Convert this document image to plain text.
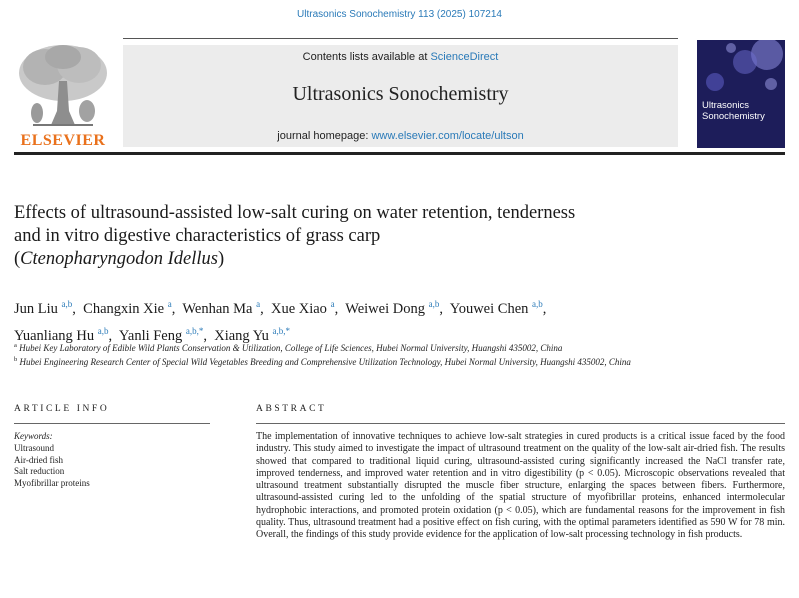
Ultrasonics Sonochemistry 113 (2025) 107214
ELSEVIER
Contents lists available at ScienceDirect
Ultrasonics Sonochemistry
journal homepage: www.elsevier.com/locate/ultson
Ultrasonics
Sonochemistry
Effects of ultrasound-assisted low-salt curing on water retention, tenderness
and in vitro digestive characteristics of grass carp
(Ctenopharyngodon Idellus)
Jun Liu $^{a,b}$,  Changxin Xie $^a$,  Wenhan Ma $^a$,  Xue Xiao $^a$,  Weiwei Dong $^{a,b}$,  Youwei Chen $^{a,b}$,
Yuanliang Hu $^{a,b}$,  Yanli Feng $^{a,b,*}$,  Xiang Yu $^{a,b,*}$
$^a$ Hubei Key Laboratory of Edible Wild Plants Conservation & Utilization, College of Life Sciences, Hubei Normal University, Huangshi 435002, China
$^b$ Hubei Engineering Research Center of Special Wild Vegetables Breeding and Comprehensive Utilization Technology, Hubei Normal University, Huangshi 435002, China
ARTICLE INFO	ABSTRACT
Keywords:
Ultrasound
Air-dried fish
Salt reduction
Myofibrillar proteins
The implementation of innovative techniques to achieve low-salt strategies in cured products is a critical issue faced by the food industry. This study aimed to investigate the impact of ultrasound treatment on the quality of the low-salt air-dried fish. The results showed that compared to traditional liquid curing, ultrasound-assisted curing significantly increased the NaCl transfer rate, improved tenderness, and improved water retention and in vitro digestibility (p < 0.05). Microscopic observations revealed that ultrasound treatment substantially disrupted the muscle fiber structure, enlarging the spaces between fibers. Furthermore, ultrasound-assisted curing led to the unfolding of the spatial structure of myofibrillar proteins, enhanced intermolecular hydrophobic interactions, and promoted protein oxidation (p < 0.05), which are fundamental reasons for the improvement in fish quality. Thus, ultrasound treatment had a positive effect on fish curing, with the optimal parameters identified as 590 W for 78 min. Overall, the findings of this study provide evidence for the application of low-salt processing technology in fish products.
